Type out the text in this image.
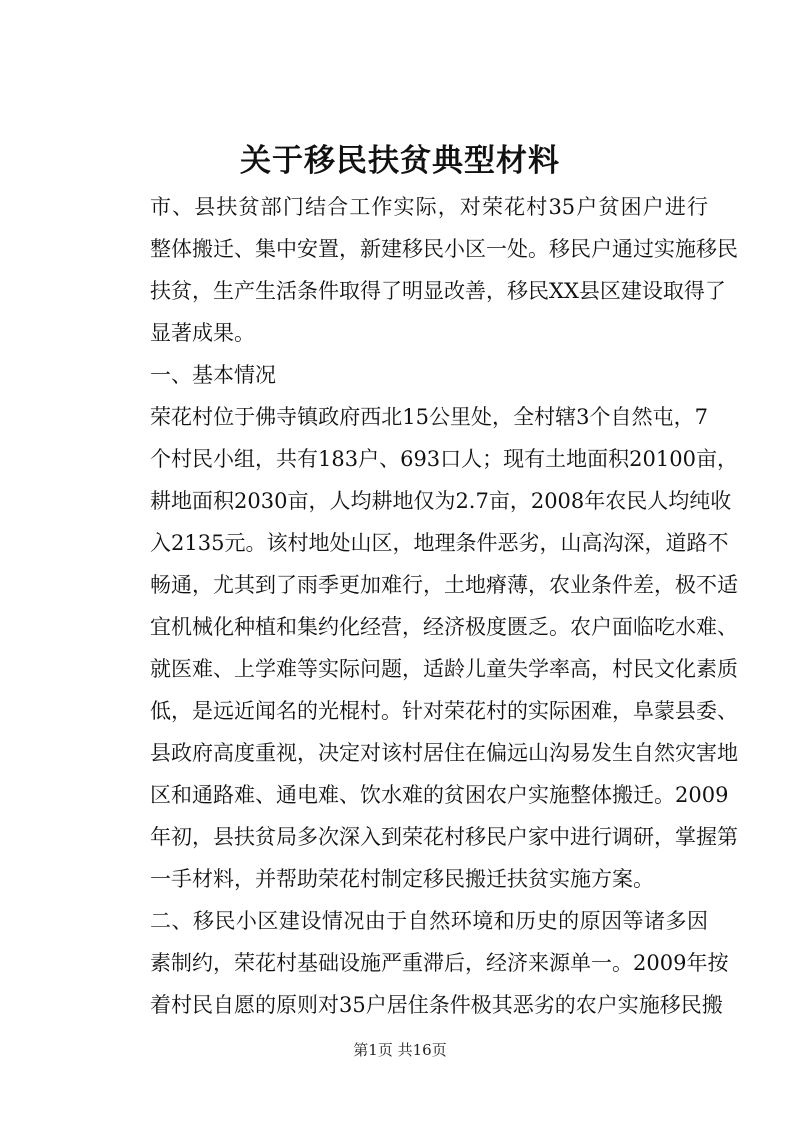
关于移民扶贫典型材料

市、县扶贫部门结合工作实际，对荣花村35户贫困户进行
整体搬迁、集中安置，新建移民小区一处。移民户通过实施移民
扶贫，生产生活条件取得了明显改善，移民XX县区建设取得了
显著成果。

一、基本情况

荣花村位于佛寺镇政府西北15公里处，全村辖3个自然屯，7
个村民小组，共有183户、693口人；现有土地面积20100亩，
耕地面积2030亩，人均耕地仅为2.7亩，2008年农民人均纯收
入2135元。该村地处山区，地理条件恶劣，山高沟深，道路不
畅通，尤其到了雨季更加难行，土地瘠薄，农业条件差，极不适
宜机械化种植和集约化经营，经济极度匮乏。农户面临吃水难、
就医难、上学难等实际问题，适龄儿童失学率高，村民文化素质
低，是远近闻名的光棍村。针对荣花村的实际困难，阜蒙县委、
县政府高度重视，决定对该村居住在偏远山沟易发生自然灾害地
区和通路难、通电难、饮水难的贫困农户实施整体搬迁。2009
年初，县扶贫局多次深入到荣花村移民户家中进行调研，掌握第
一手材料，并帮助荣花村制定移民搬迁扶贫实施方案。

二、移民小区建设情况由于自然环境和历史的原因等诸多因
素制约，荣花村基础设施严重滞后，经济来源单一。2009年按
着村民自愿的原则对35户居住条件极其恶劣的农户实施移民搬

第1页 共16页
